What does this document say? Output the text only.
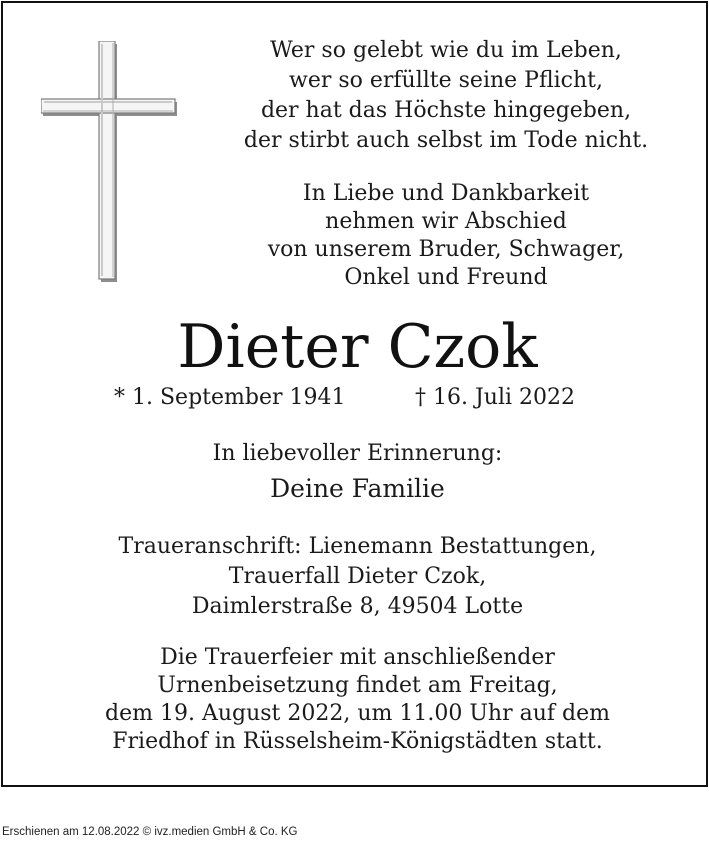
Wer so gelebt wie du im Leben,
wer so erfüllte seine Pflicht,
der hat das Höchste hingegeben,
der stirbt auch selbst im Tode nicht.
In Liebe und Dankbarkeit
nehmen wir Abschied
von unserem Bruder, Schwager,
Onkel und Freund
Dieter Czok
* 1. September 1941	† 16. Juli 2022
In liebevoller Erinnerung:
Deine Familie
Traueranschrift: Lienemann Bestattungen,
Trauerfall Dieter Czok,
Daimlerstraße 8, 49504 Lotte
Die Trauerfeier mit anschließender
Urnenbeisetzung findet am Freitag,
dem 19. August 2022, um 11.00 Uhr auf dem
Friedhof in Rüsselsheim-Königstädten statt.
Erschienen am 12.08.2022 © ivz.medien GmbH & Co. KG
